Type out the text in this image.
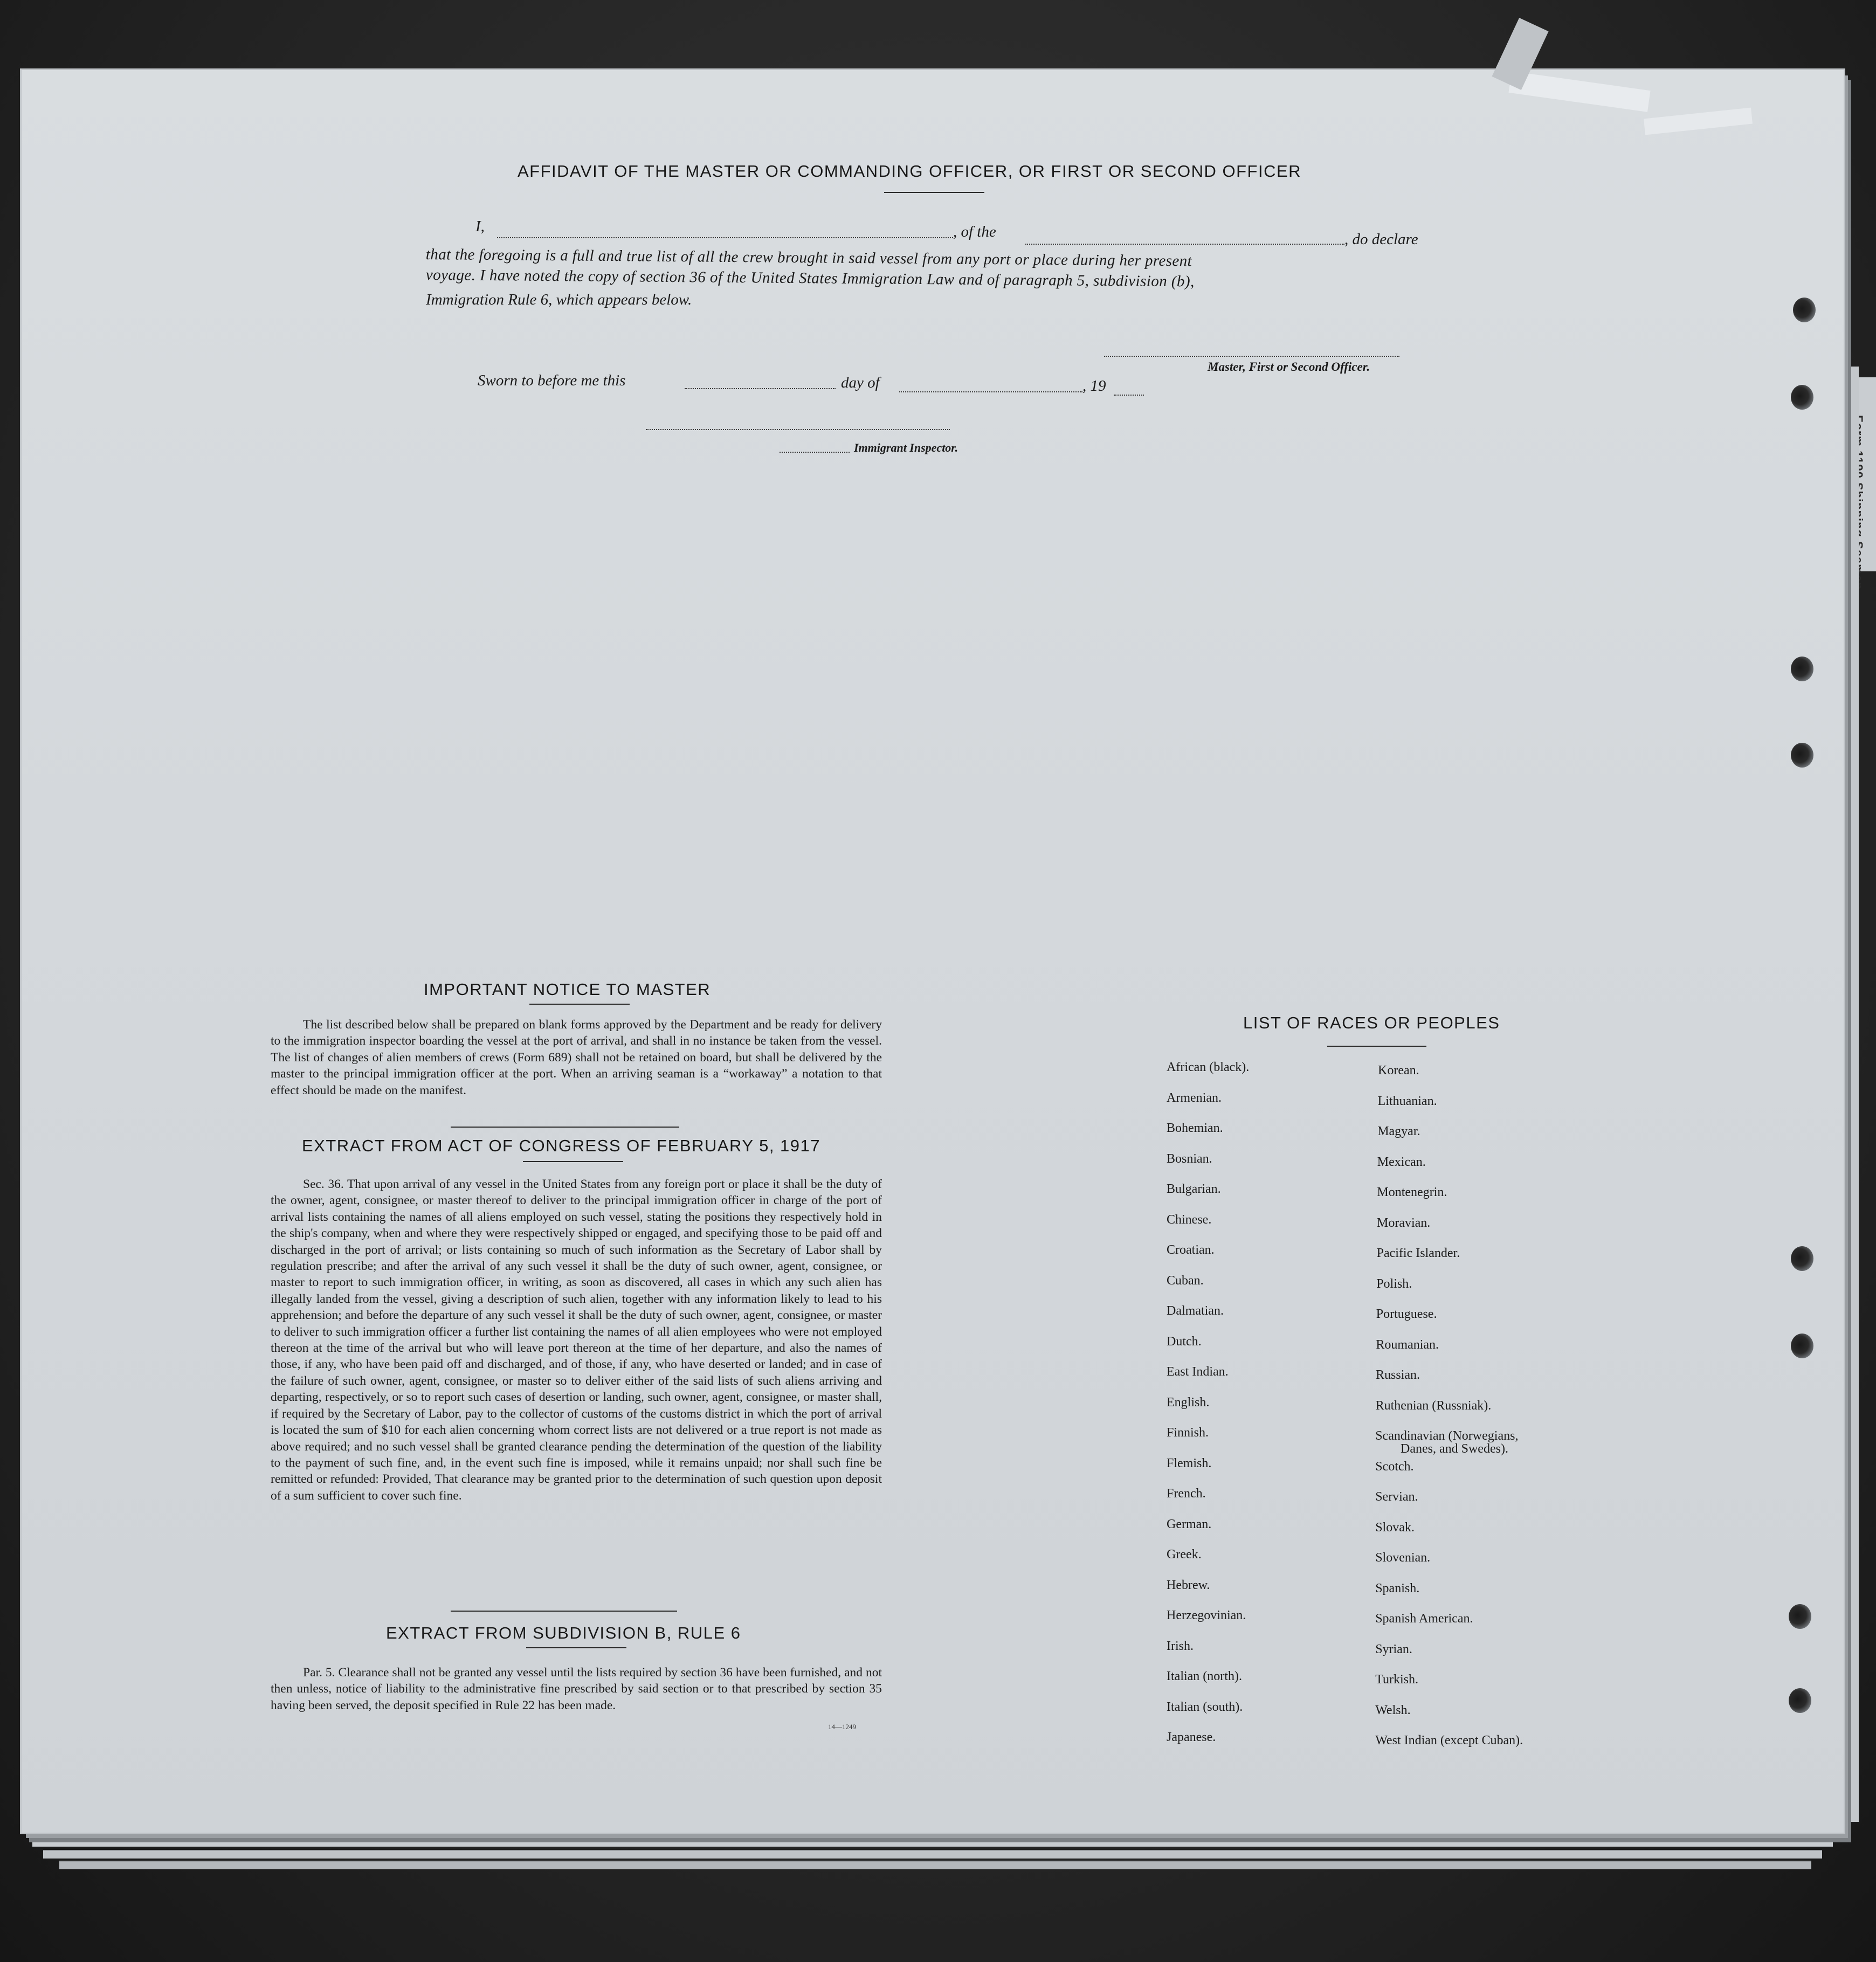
AFFIDAVIT OF THE MASTER OR COMMANDING OFFICER, OR FIRST OR SECOND OFFICER
I,	, of the	, do declare
that the foregoing is a full and true list of all the crew brought in said vessel from any port or place during her present
voyage. I have noted the copy of section 36 of the United States Immigration Law and of paragraph 5, subdivision (b),
Immigration Rule 6, which appears below.
Master, First or Second Officer.
Sworn to before me this	day of	, 19
Immigrant Inspector.
IMPORTANT NOTICE TO MASTER
The list described below shall be prepared on blank forms approved by the Department and be ready for delivery to the immigration inspector boarding the vessel at the port of arrival, and shall in no instance be taken from the vessel. The list of changes of alien members of crews (Form 689) shall not be retained on board, but shall be delivered by the master to the principal immigration officer at the port. When an arriving seaman is a “workaway” a notation to that effect should be made on the manifest.
EXTRACT FROM ACT OF CONGRESS OF FEBRUARY 5, 1917
Sec. 36. That upon arrival of any vessel in the United States from any foreign port or place it shall be the duty of the owner, agent, consignee, or master thereof to deliver to the principal immigration officer in charge of the port of arrival lists containing the names of all aliens employed on such vessel, stating the positions they respectively hold in the ship's company, when and where they were respectively shipped or engaged, and specifying those to be paid off and discharged in the port of arrival; or lists containing so much of such information as the Secretary of Labor shall by regulation prescribe; and after the arrival of any such vessel it shall be the duty of such owner, agent, consignee, or master to report to such immigration officer, in writing, as soon as discovered, all cases in which any such alien has illegally landed from the vessel, giving a description of such alien, together with any information likely to lead to his apprehension; and before the departure of any such vessel it shall be the duty of such owner, agent, consignee, or master to deliver to such immigration officer a further list containing the names of all alien employees who were not employed thereon at the time of the arrival but who will leave port thereon at the time of her departure, and also the names of those, if any, who have been paid off and discharged, and of those, if any, who have deserted or landed; and in case of the failure of such owner, agent, consignee, or master so to deliver either of the said lists of such aliens arriving and departing, respectively, or so to report such cases of desertion or landing, such owner, agent, consignee, or master shall, if required by the Secretary of Labor, pay to the collector of customs of the customs district in which the port of arrival is located the sum of $10 for each alien concerning whom correct lists are not delivered or a true report is not made as above required; and no such vessel shall be granted clearance pending the determination of the question of the liability to the payment of such fine, and, in the event such fine is imposed, while it remains unpaid; nor shall such fine be remitted or refunded: Provided, That clearance may be granted prior to the determination of such question upon deposit of a sum sufficient to cover such fine.
EXTRACT FROM SUBDIVISION B, RULE 6
Par. 5. Clearance shall not be granted any vessel until the lists required by section 36 have been furnished, and not then unless, notice of liability to the administrative fine prescribed by said section or to that prescribed by section 35 having been served, the deposit specified in Rule 22 has been made.
14—1249
LIST OF RACES OR PEOPLES
African (black).
Armenian.
Bohemian.
Bosnian.
Bulgarian.
Chinese.
Croatian.
Cuban.
Dalmatian.
Dutch.
East Indian.
English.
Finnish.
Flemish.
French.
German.
Greek.
Hebrew.
Herzegovinian.
Irish.
Italian (north).
Italian (south).
Japanese.
Korean.
Lithuanian.
Magyar.
Mexican.
Montenegrin.
Moravian.
Pacific Islander.
Polish.
Portuguese.
Roumanian.
Russian.
Ruthenian (Russniak).
Scandinavian (Norwegians,
Danes, and Swedes).
Scotch.
Servian.
Slovak.
Slovenian.
Spanish.
Spanish American.
Syrian.
Turkish.
Welsh.
West Indian (except Cuban).
